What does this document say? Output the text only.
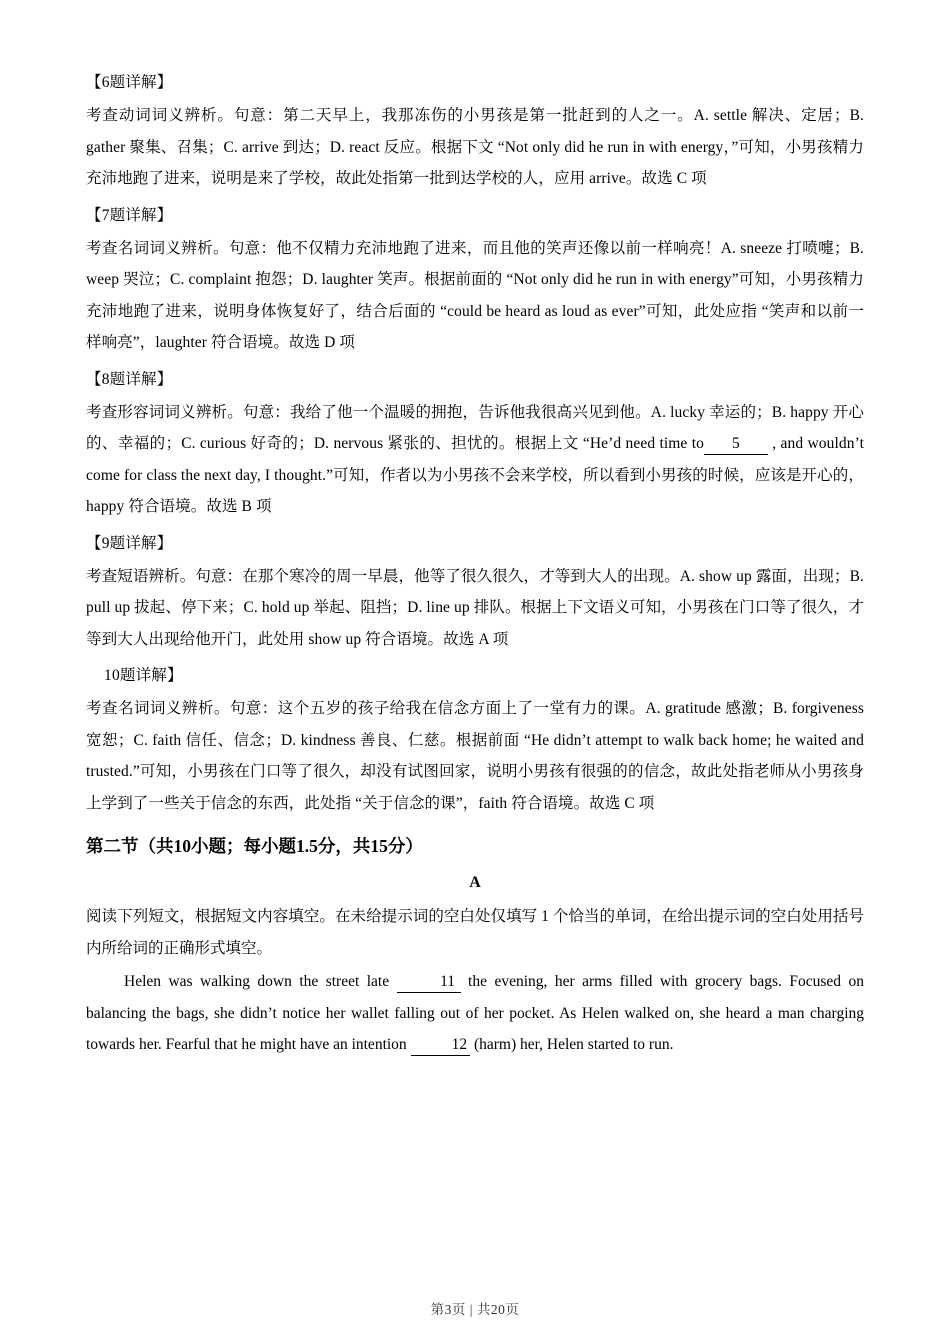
【6题详解】
考查动词词义辨析。句意：第二天早上，我那冻伤的小男孩是第一批赶到的人之一。A. settle 解决、定居；B. gather 聚集、召集；C. arrive 到达；D. react 反应。根据下文 “Not only did he run in with energy，”可知，小男孩精力充沛地跑了进来，说明是来了学校，故此处指第一批到达学校的人，应用 arrive。故选 C 项
【7题详解】
考查名词词义辨析。句意：他不仅精力充沛地跑了进来，而且他的笑声还像以前一样响亮！A. sneeze 打喷嚏；B. weep 哭泣；C. complaint 抱怨；D. laughter 笑声。根据前面的 “Not only did he run in with energy”可知，小男孩精力充沛地跑了进来，说明身体恢复好了，结合后面的 “could be heard as loud as ever”可知，此处应指 “笑声和以前一样响亮”，laughter 符合语境。故选 D 项
【8题详解】
考查形容词词义辨析。句意：我给了他一个温暖的拥抱，告诉他我很高兴见到他。A. lucky 幸运的；B. happy 开心的、幸福的；C. curious 好奇的；D. nervous 紧张的、担忧的。根据上文 “He’d need time to 5 , and wouldn’t come for class the next day, I thought.”可知，作者以为小男孩不会来学校，所以看到小男孩的时候，应该是开心的，happy 符合语境。故选 B 项
【9题详解】
考查短语辨析。句意：在那个寒冷的周一早晨，他等了很久很久，才等到大人的出现。A. show up 露面，出现；B. pull up 拔起、停下来；C. hold up 举起、阻挡；D. line up 排队。根据上下文语义可知，小男孩在门口等了很久，才等到大人出现给他开门，此处用 show up 符合语境。故选 A 项
10题详解】
考查名词词义辨析。句意：这个五岁的孩子给我在信念方面上了一堂有力的课。A. gratitude 感激；B. forgiveness 宽恕；C. faith 信任、信念；D. kindness 善良、仁慈。根据前面 “He didn’t attempt to walk back home; he waited and trusted.”可知，小男孩在门口等了很久，却没有试图回家，说明小男孩有很强的的信念，故此处指老师从小男孩身上学到了一些关于信念的东西，此处指 “关于信念的课”，faith 符合语境。故选 C 项
第二节（共10小题；每小题1.5分，共15分）
A
阅读下列短文，根据短文内容填空。在未给提示词的空白处仅填写 1 个恰当的单词，在给出提示词的空白处用括号内所给词的正确形式填空。
Helen was walking down the street late	11 the evening, her arms filled with grocery bags. Focused on balancing the bags, she didn’t notice her wallet falling out of her pocket. As Helen walked on, she heard a man charging towards her. Fearful that he might have an intention	12 (harm) her, Helen started to run.
第3页 | 共20页
